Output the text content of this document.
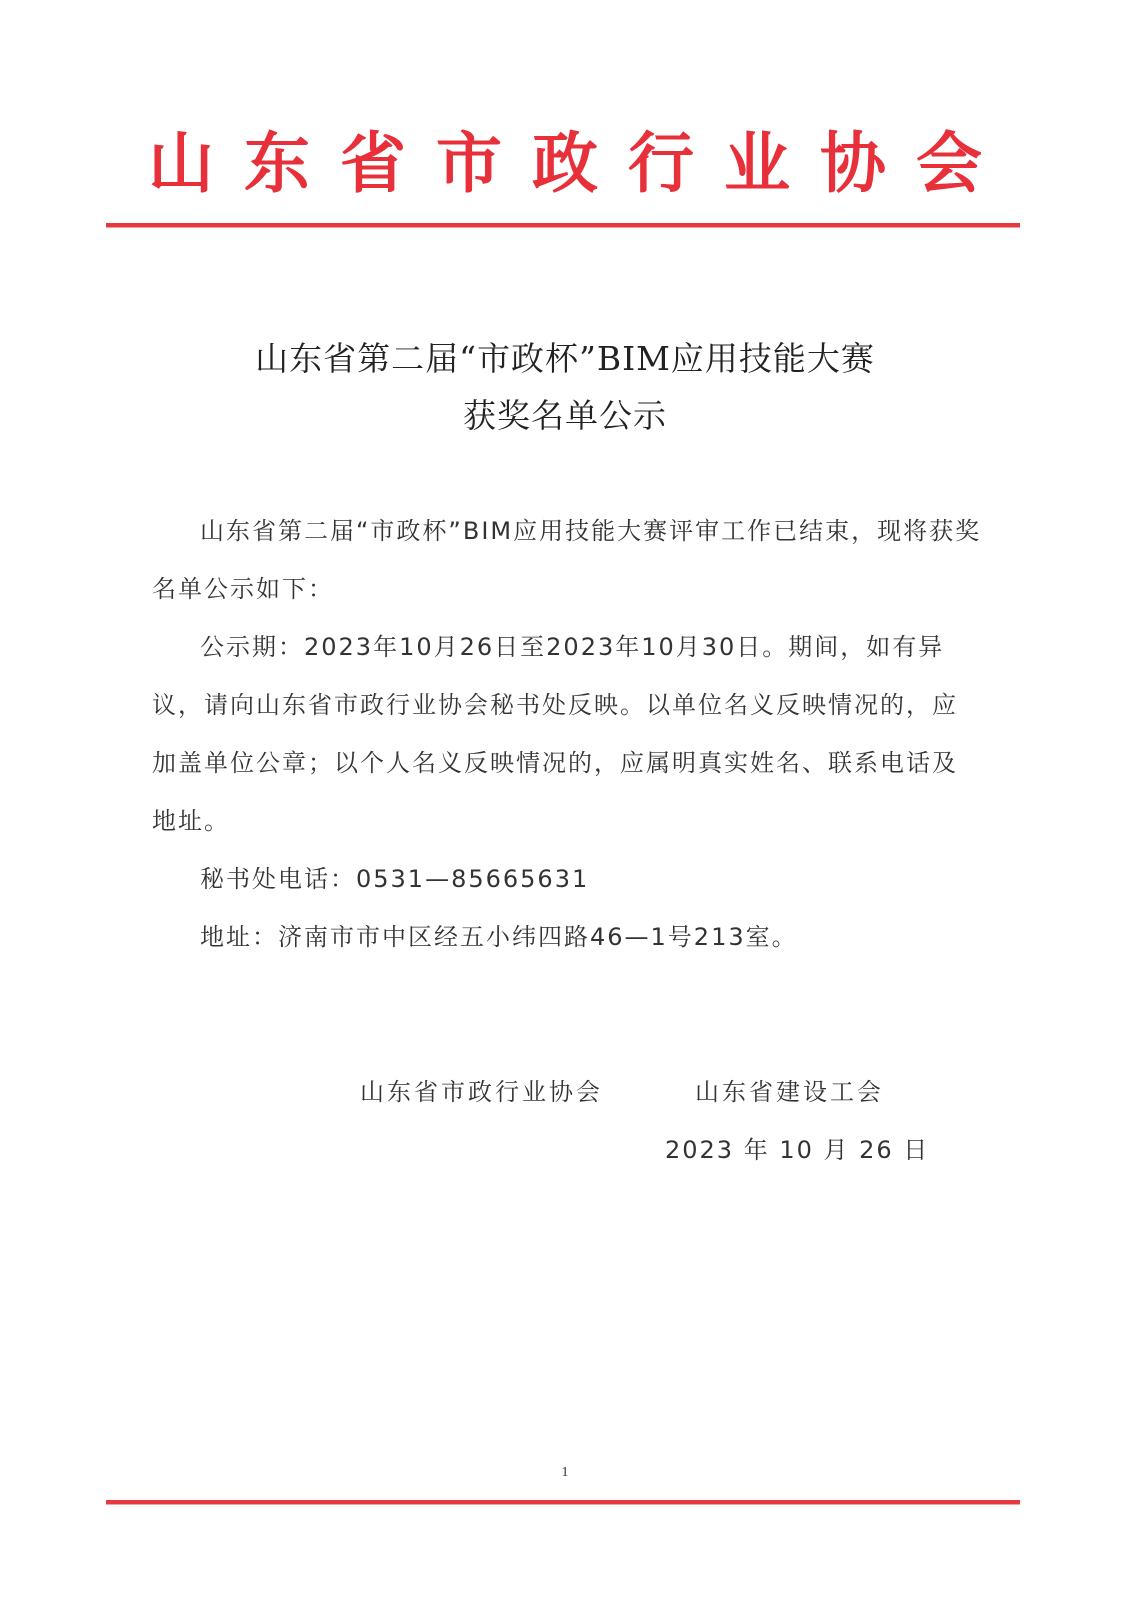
山东省市政行业协会
山东省第二届“市政杯”BIM应用技能大赛
获奖名单公示
山东省第二届“市政杯”BIM应用技能大赛评审工作已结束，现将获奖名单公示如下：
公示期：2023年10月26日至2023年10月30日。期间，如有异议，请向山东省市政行业协会秘书处反映。以单位名义反映情况的，应加盖单位公章；以个人名义反映情况的，应属明真实姓名、联系电话及地址。
秘书处电话：0531—85665631
地址：济南市市中区经五小纬四路46—1号213室。
山东省市政行业协会	山东省建设工会
2023 年 10 月 26 日
1
